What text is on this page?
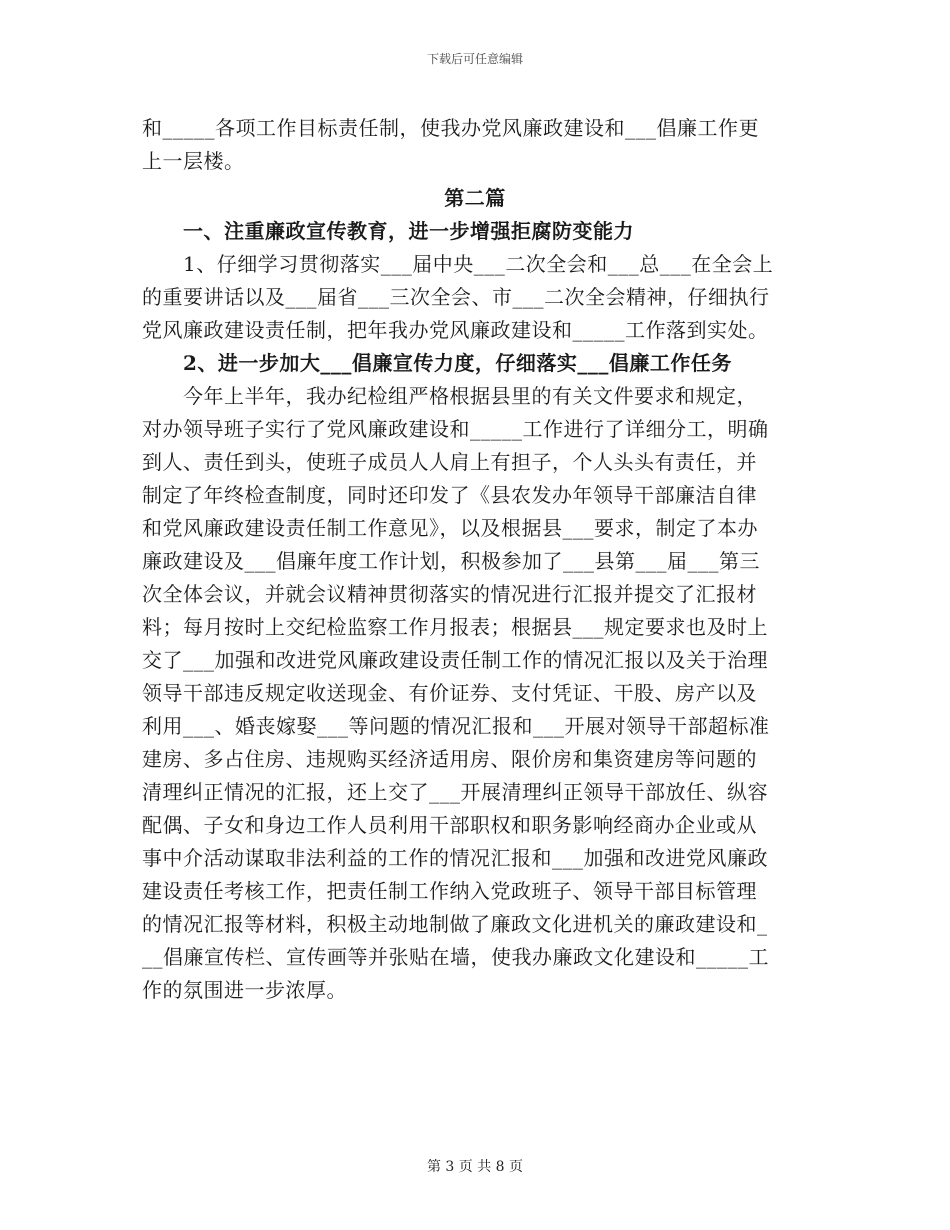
下载后可任意编辑
和_____各项工作目标责任制，使我办党风廉政建设和___倡廉工作更
上一层楼。
第二篇
一、注重廉政宣传教育，进一步增强拒腐防变能力
1、仔细学习贯彻落实___届中央___二次全会和___总___在全会上
的重要讲话以及___届省___三次全会、市___二次全会精神，仔细执行
党风廉政建设责任制，把年我办党风廉政建设和_____工作落到实处。
2、进一步加大___倡廉宣传力度，仔细落实___倡廉工作任务
今年上半年，我办纪检组严格根据县里的有关文件要求和规定，
对办领导班子实行了党风廉政建设和_____工作进行了详细分工，明确
到人、责任到头，使班子成员人人肩上有担子，个人头头有责任，并
制定了年终检查制度，同时还印发了《县农发办年领导干部廉洁自律
和党风廉政建设责任制工作意见》，以及根据县___要求，制定了本办
廉政建设及___倡廉年度工作计划，积极参加了___县第___届___第三
次全体会议，并就会议精神贯彻落实的情况进行汇报并提交了汇报材
料；每月按时上交纪检监察工作月报表；根据县___规定要求也及时上
交了___加强和改进党风廉政建设责任制工作的情况汇报以及关于治理
领导干部违反规定收送现金、有价证券、支付凭证、干股、房产以及
利用___、婚丧嫁娶___等问题的情况汇报和___开展对领导干部超标准
建房、多占住房、违规购买经济适用房、限价房和集资建房等问题的
清理纠正情况的汇报，还上交了___开展清理纠正领导干部放任、纵容
配偶、子女和身边工作人员利用干部职权和职务影响经商办企业或从
事中介活动谋取非法利益的工作的情况汇报和___加强和改进党风廉政
建设责任考核工作，把责任制工作纳入党政班子、领导干部目标管理
的情况汇报等材料，积极主动地制做了廉政文化进机关的廉政建设和_
__倡廉宣传栏、宣传画等并张贴在墙，使我办廉政文化建设和_____工
作的氛围进一步浓厚。
第 3 页 共 8 页
